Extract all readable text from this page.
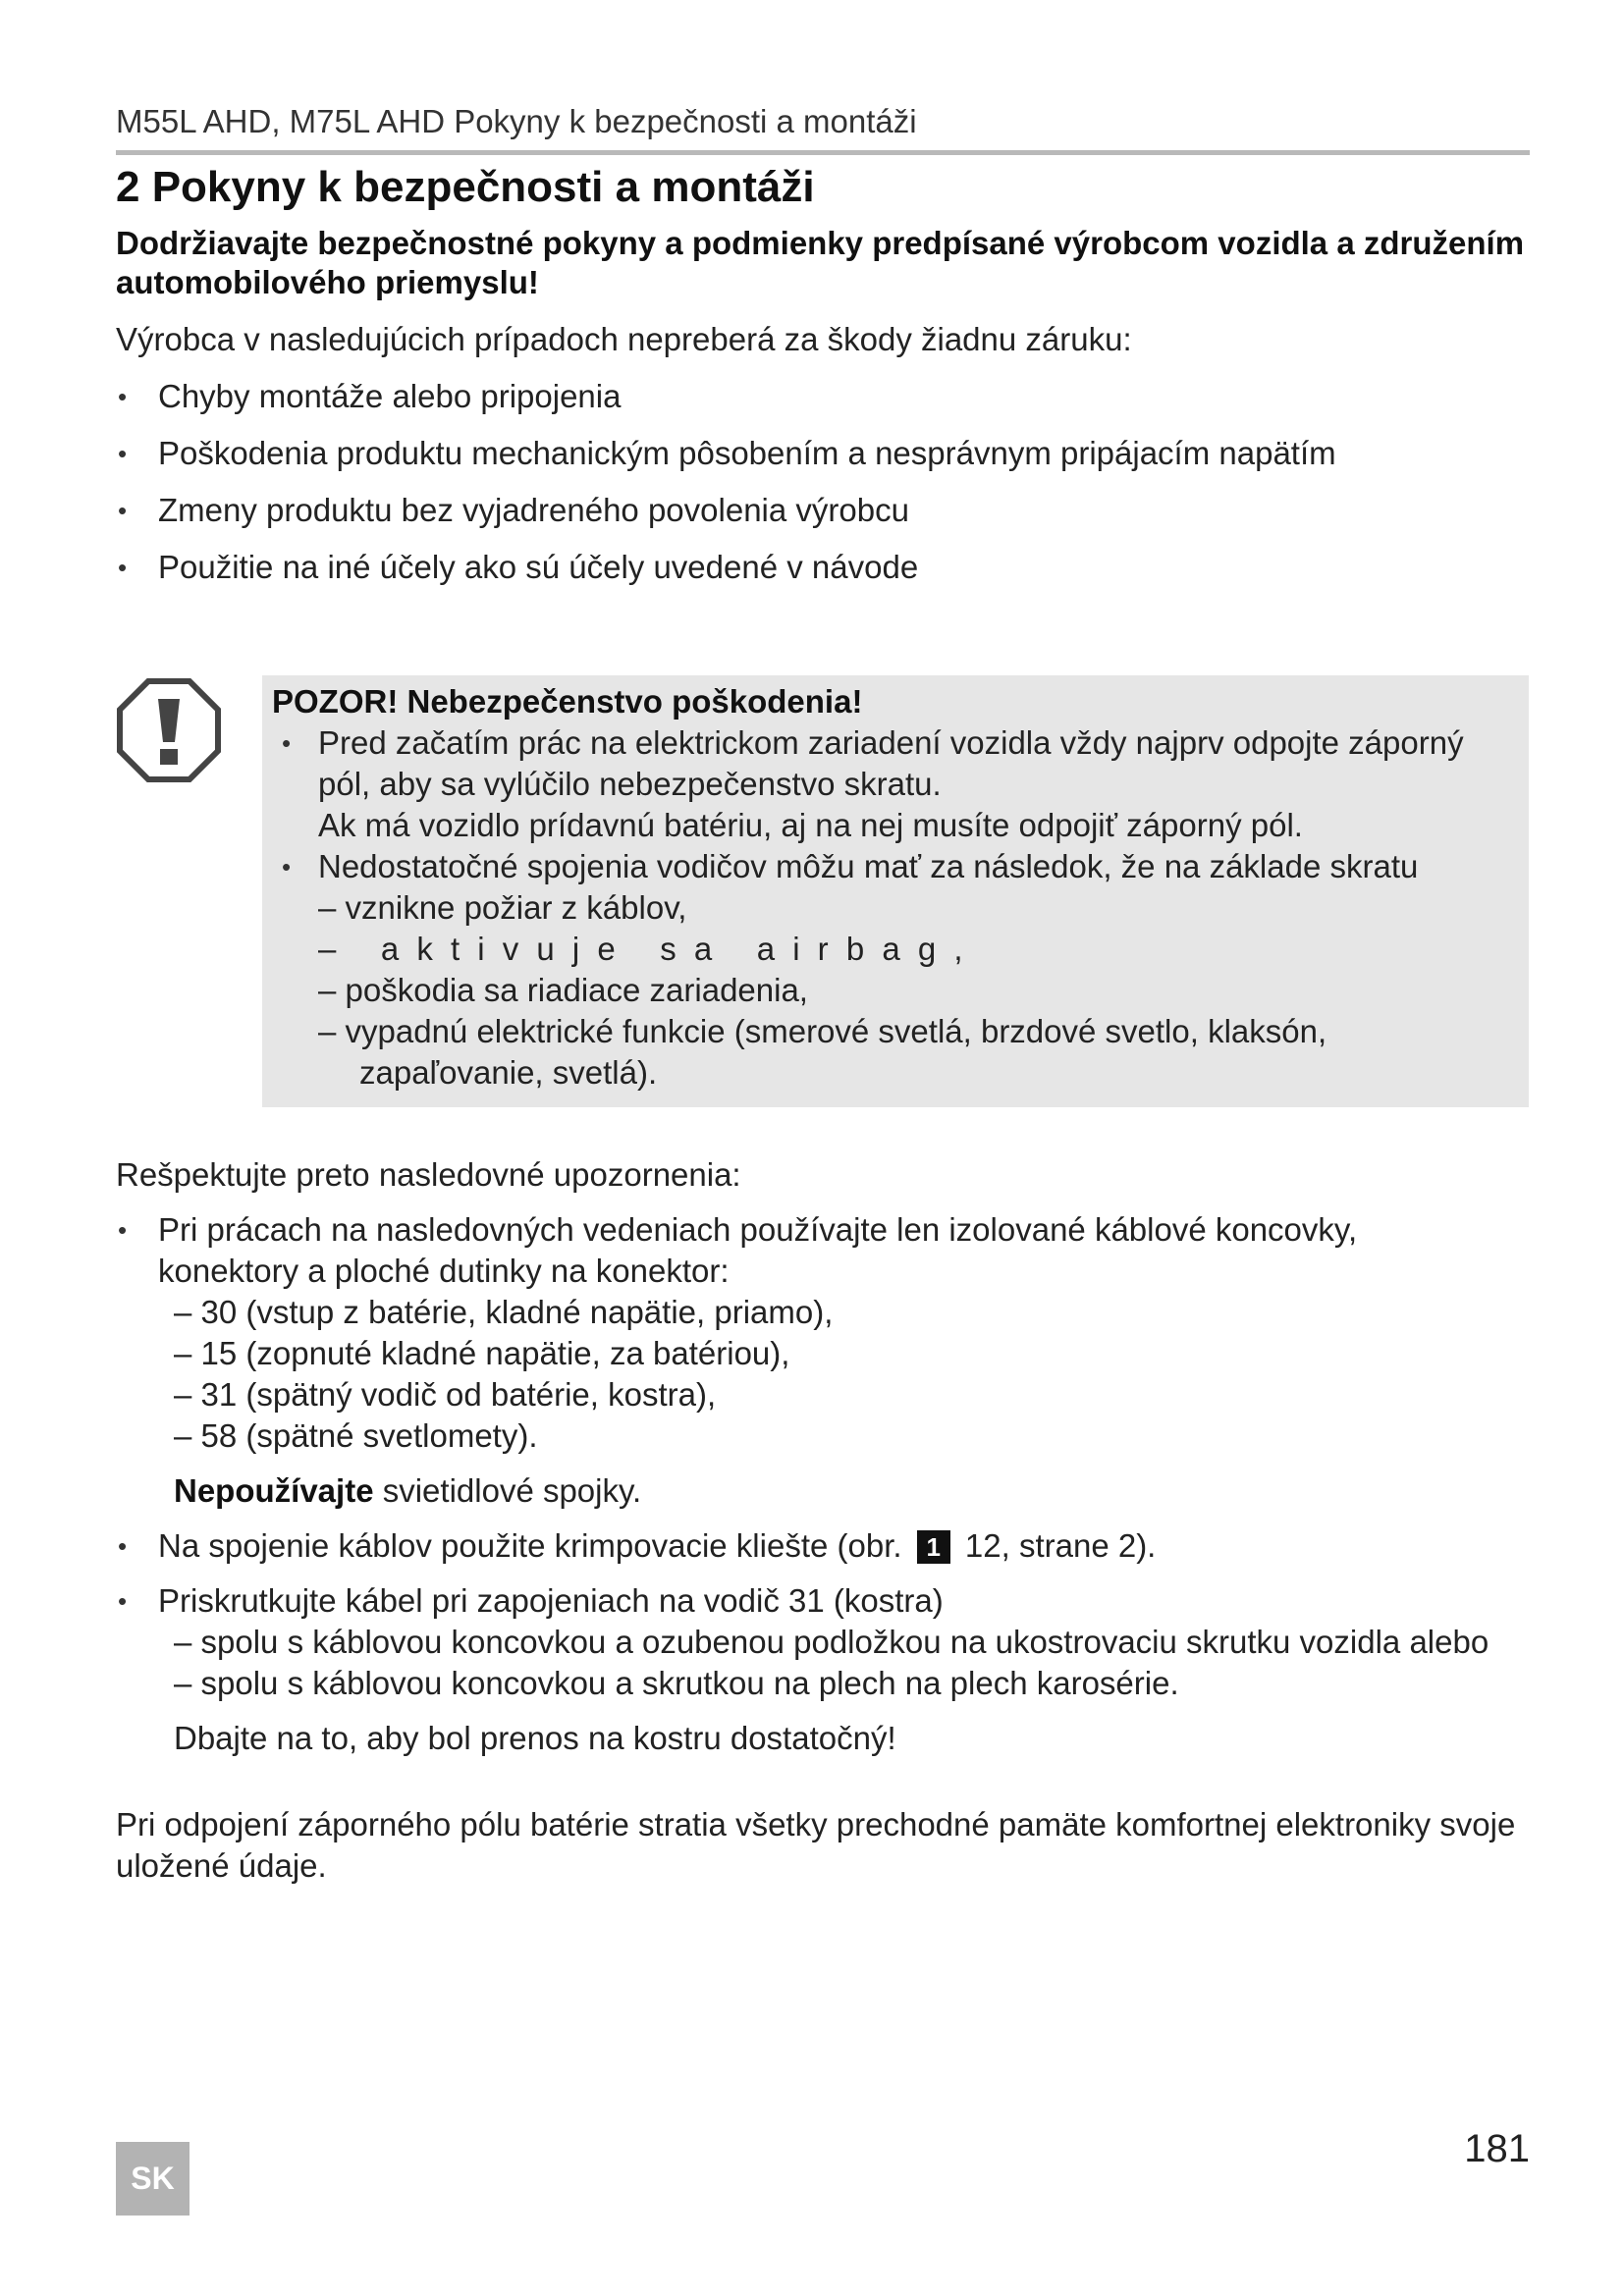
M55L AHD, M75L AHD Pokyny k bezpečnosti a montáži
2 Pokyny k bezpečnosti a montáži
Dodržiavajte bezpečnostné pokyny a podmienky predpísané výrobcom vozidla a združením automobilového priemyslu!
Výrobca v nasledujúcich prípadoch nepreberá za škody žiadnu záruku:
• Chyby montáže alebo pripojenia
• Poškodenia produktu mechanickým pôsobením a nesprávnym pripájacím napätím
• Zmeny produktu bez vyjadreného povolenia výrobcu
• Použitie na iné účely ako sú účely uvedené v návode
POZOR! Nebezpečenstvo poškodenia!
• Pred začatím prác na elektrickom zariadení vozidla vždy najprv odpojte záporný
pól, aby sa vylúčilo nebezpečenstvo skratu.
Ak má vozidlo prídavnú batériu, aj na nej musíte odpojiť záporný pól.
• Nedostatočné spojenia vodičov môžu mať za následok, že na základe skratu
– vznikne požiar z káblov,
– aktivuje sa airbag,
– poškodia sa riadiace zariadenia,
– vypadnú elektrické funkcie (smerové svetlá, brzdové svetlo, klaksón,
zapaľovanie, svetlá).
Rešpektujte preto nasledovné upozornenia:
• Pri prácach na nasledovných vedeniach používajte len izolované káblové koncovky,
konektory a ploché dutinky na konektor:
– 30 (vstup z batérie, kladné napätie, priamo),
– 15 (zopnuté kladné napätie, za batériou),
– 31 (spätný vodič od batérie, kostra),
– 58 (spätné svetlomety).
Nepoužívajte svietidlové spojky.
• Na spojenie káblov použite krimpovacie kliešte (obr. 1 12, strane 2).
• Priskrutkujte kábel pri zapojeniach na vodič 31 (kostra)
– spolu s káblovou koncovkou a ozubenou podložkou na ukostrovaciu skrutku vozidla alebo
– spolu s káblovou koncovkou a skrutkou na plech na plech karosérie.
Dbajte na to, aby bol prenos na kostru dostatočný!
Pri odpojení záporného pólu batérie stratia všetky prechodné pamäte komfortnej elektroniky svoje uložené údaje.
SK
181
